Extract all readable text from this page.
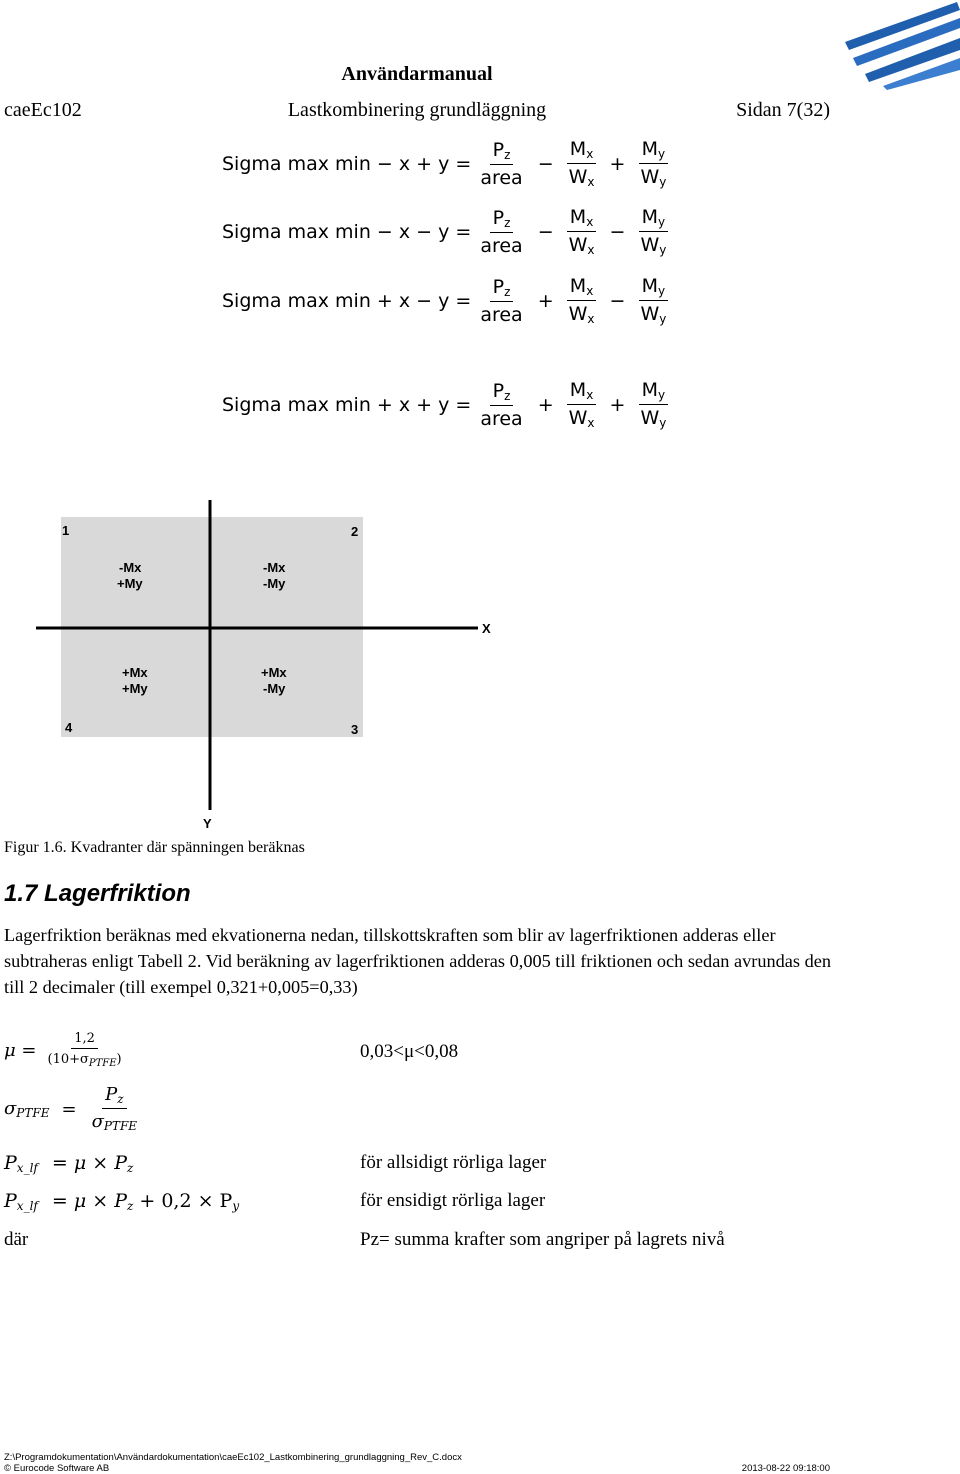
Användarmanual
caeEc102	Lastkombinering grundläggning	Sidan 7(32)
Sigma $\max \min - x + y = \frac{P_z}{\text{area}} - \frac{M_x}{W_x} + \frac{M_y}{W_y}$
Sigma $\max \min - x - y = \frac{P_z}{\text{area}} - \frac{M_x}{W_x} - \frac{M_y}{W_y}$
Sigma $\max \min + x - y = \frac{P_z}{\text{area}} + \frac{M_x}{W_x} - \frac{M_y}{W_y}$
Sigma $\max \min + x + y = \frac{P_z}{\text{area}} + \frac{M_x}{W_x} + \frac{M_y}{W_y}$
1	2
3
4
-Mx
+My
-Mx
-My
+Mx
+My
+Mx
-My
X
Y
Figur 1.6. Kvadranter där spänningen beräknas
1.7 Lagerfriktion
Lagerfriktion beräknas med ekvationerna nedan, tillskottskraften som blir av lagerfriktionen adderas eller subtraheras enligt Tabell 2. Vid beräkning av lagerfriktionen adderas 0,005 till friktionen och sedan avrundas den till 2 decimaler (till exempel 0,321+0,005=0,33)
$\mu = \frac{1,2}{(10+\sigma_{PTFE})}$	0,03<μ<0,08
$\sigma_{PTFE} = \frac{P_z}{\sigma_{PTFE}}$
$P_{x\_lf} = \mu \times P_z$	för allsidigt rörliga lager
$P_{x\_lf} = \mu \times P_z + 0,2 \times P_y$	för ensidigt rörliga lager
där	Pz= summa krafter som angriper på lagrets nivå
Z:\Programdokumentation\Användardokumentation\caeEc102_Lastkombinering_grundlaggning_Rev_C.docx
© Eurocode Software AB	2013-08-22 09:18:00
